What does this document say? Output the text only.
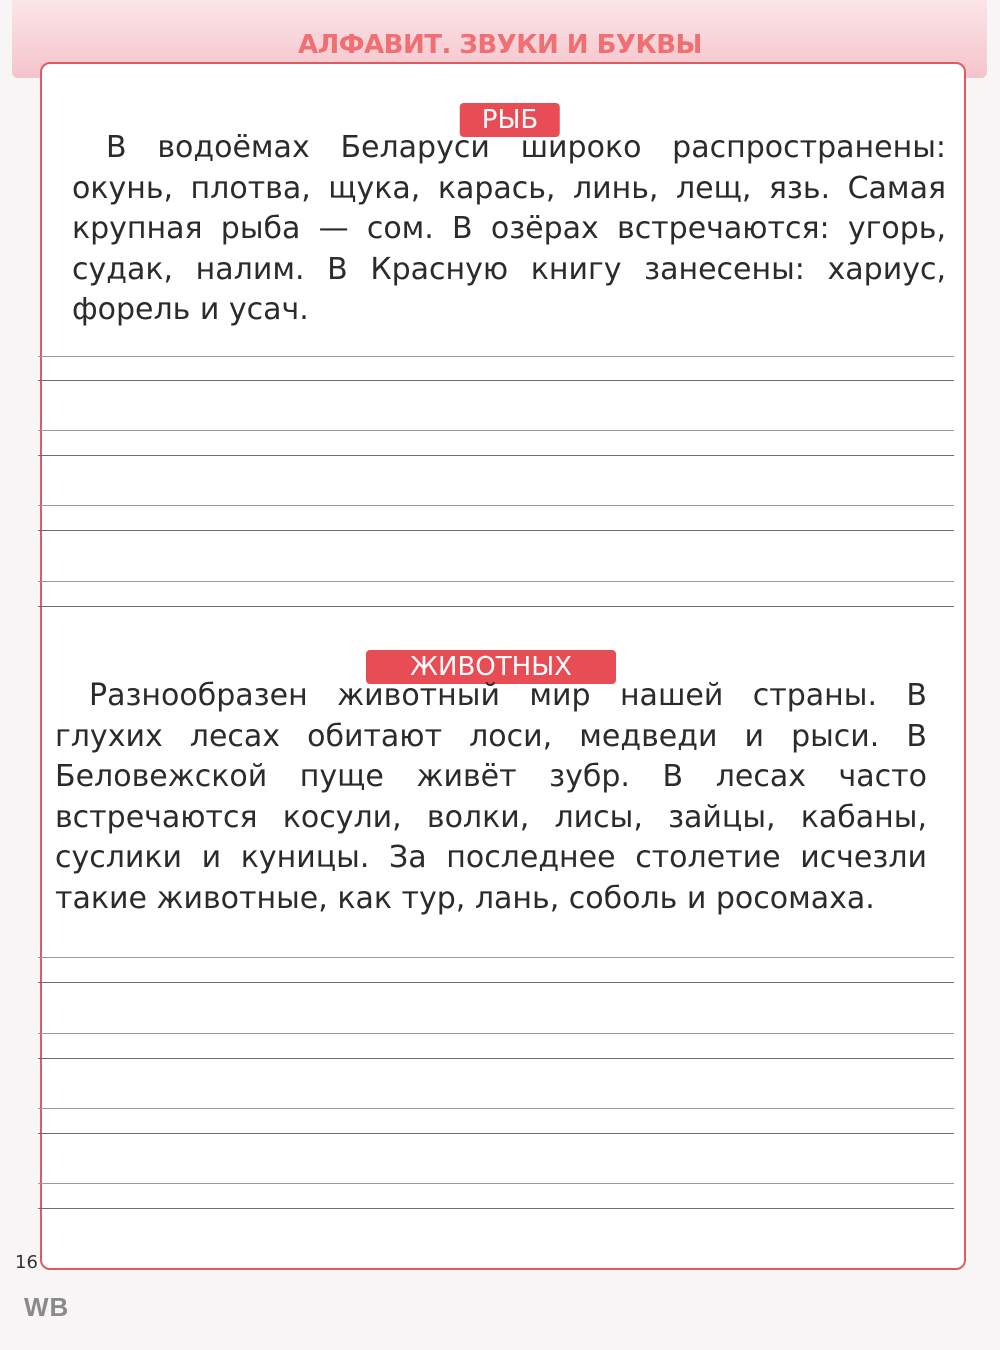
АЛФАВИТ. ЗВУКИ И БУКВЫ
РЫБ

В водоёмах Беларуси широко распространены: окунь, плотва, щука, карась, линь, лещ, язь. Самая крупная рыба — сом. В озёрах встречаются: угорь, судак, налим. В Красную книгу занесены: хариус, форель и усач.

ЖИВОТНЫХ

Разнообразен животный мир нашей страны. В глухих лесах обитают лоси, медведи и рыси. В Беловежской пуще живёт зубр. В лесах часто встречаются косули, волки, лисы, зайцы, кабаны, суслики и куницы. За последнее столетие исчезли такие животные, как тур, лань, соболь и росомаха.

16
WB
